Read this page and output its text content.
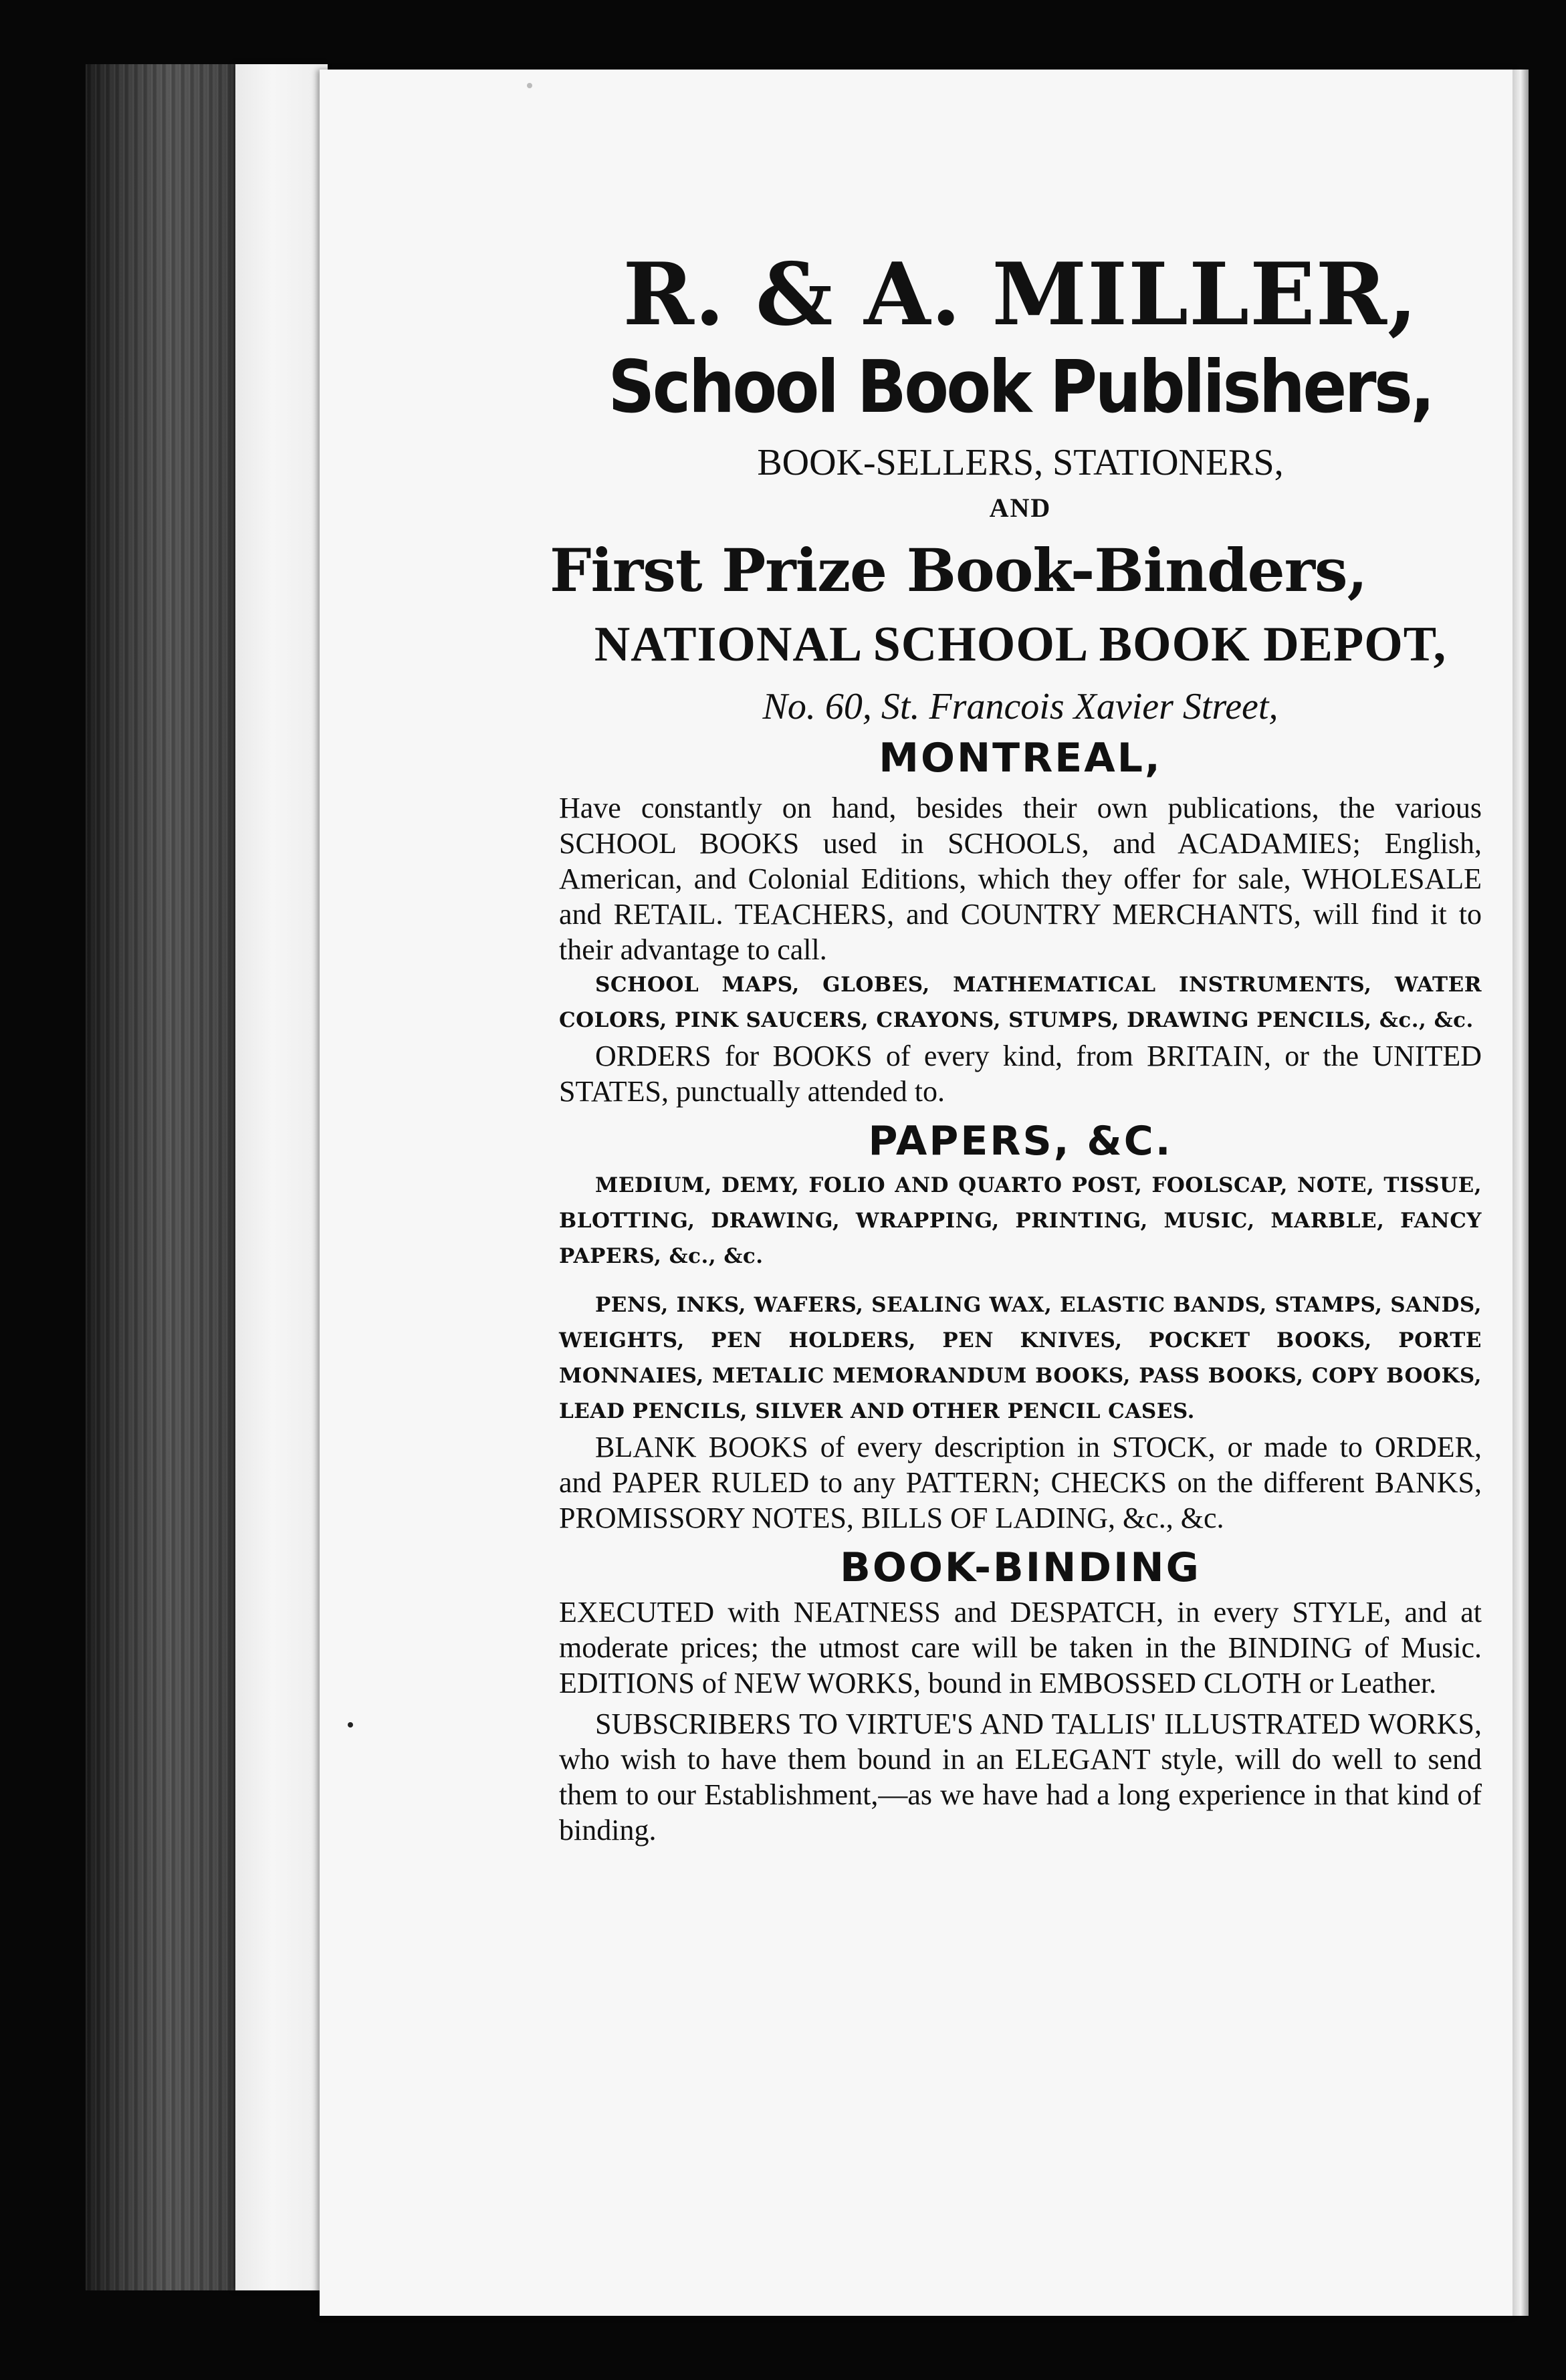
R. & A. MILLER,

School Book Publishers,

BOOK-SELLERS, STATIONERS,

AND

First Prize Book-Binders,

NATIONAL SCHOOL BOOK DEPOT,

No. 60, St. Francois Xavier Street,

MONTREAL,

Have constantly on hand, besides their own publications, the various SCHOOL BOOKS used in SCHOOLS, and ACADAMIES; English, American, and Colonial Editions, which they offer for sale, WHOLESALE and RETAIL. TEACHERS, and COUNTRY MERCHANTS, will find it to their advantage to call.

SCHOOL MAPS, GLOBES, MATHEMATICAL INSTRUMENTS, WATER COLORS, PINK SAUCERS, CRAYONS, STUMPS, DRAWING PENCILS, &c., &c.

ORDERS for BOOKS of every kind, from BRITAIN, or the UNITED STATES, punctually attended to.

PAPERS, &C.

MEDIUM, DEMY, FOLIO AND QUARTO POST, FOOLSCAP, NOTE, TISSUE, BLOTTING, DRAWING, WRAPPING, PRINTING, MUSIC, MARBLE, FANCY PAPERS, &c., &c.

PENS, INKS, WAFERS, SEALING WAX, ELASTIC BANDS, STAMPS, SANDS, WEIGHTS, PEN HOLDERS, PEN KNIVES, POCKET BOOKS, PORTE MONNAIES, METALIC MEMORANDUM BOOKS, PASS BOOKS, COPY BOOKS, LEAD PENCILS, SILVER AND OTHER PENCIL CASES.

BLANK BOOKS of every description in STOCK, or made to ORDER, and PAPER RULED to any PATTERN; CHECKS on the different BANKS, PROMISSORY NOTES, BILLS OF LADING, &c., &c.

BOOK-BINDING

EXECUTED with NEATNESS and DESPATCH, in every STYLE, and at moderate prices; the utmost care will be taken in the BINDING of Music. EDITIONS of NEW WORKS, bound in EMBOSSED CLOTH or Leather.

SUBSCRIBERS TO VIRTUE'S AND TALLIS' ILLUSTRATED WORKS, who wish to have them bound in an ELEGANT style, will do well to send them to our Establishment,—as we have had a long experience in that kind of binding.
